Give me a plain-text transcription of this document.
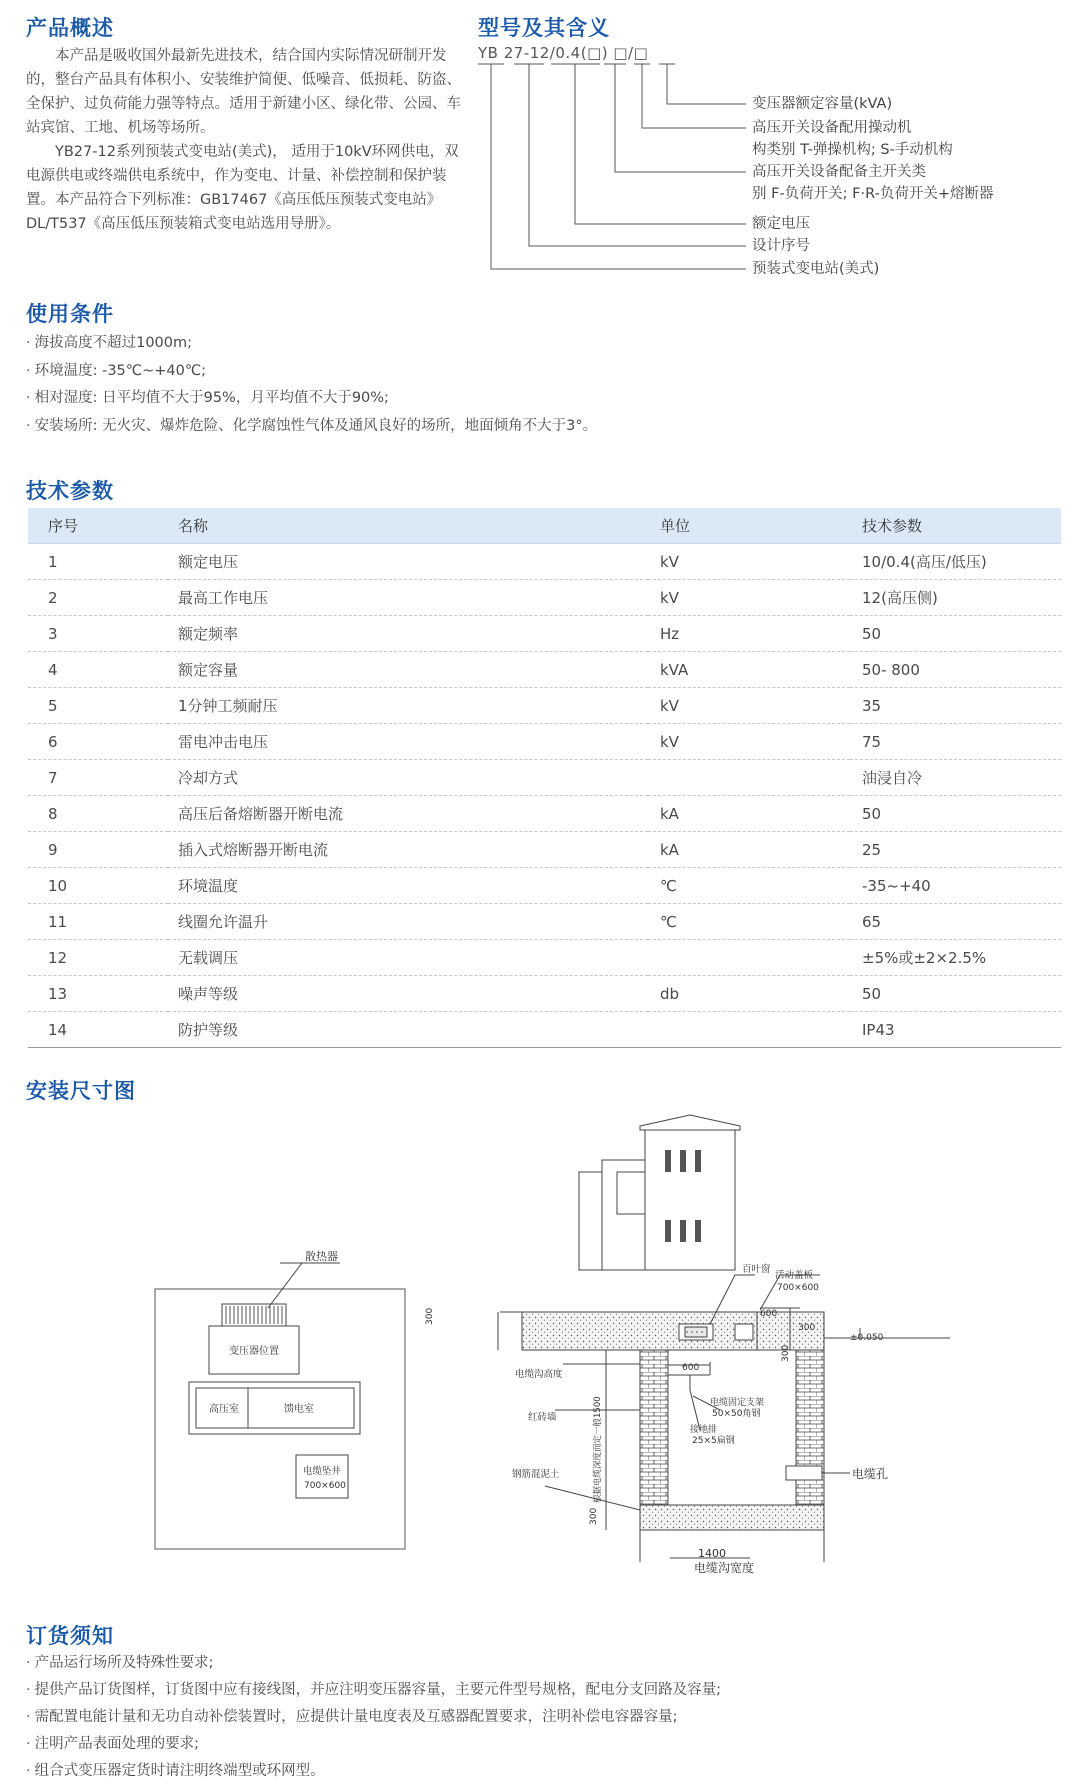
产品概述

本产品是吸收国外最新先进技术，结合国内实际情况研制开发的，整台产品具有体积小、安装维护简便、低噪音、低损耗、防盗、全保护、过负荷能力强等特点。适用于新建小区、绿化带、公园、车站宾馆、工地、机场等场所。

YB27-12系列预装式变电站(美式)， 适用于10kV环网供电，双电源供电或终端供电系统中，作为变电、计量、补偿控制和保护装置。本产品符合下列标准：GB17467《高压低压预装式变电站》DL/T537《高压低压预装箱式变电站选用导册》。

型号及其含义
YB 27-12/0.4(□) □/□
变压器额定容量(kVA)
高压开关设备配用操动机
构类别 T-弹操机构; S-手动机构
高压开关设备配备主开关类
别 F-负荷开关; F·R-负荷开关+熔断器
额定电压
设计序号
预装式变电站(美式)
使用条件
· 海拔高度不超过1000m;
· 环境温度: -35℃~+40℃;
· 相对湿度: 日平均值不大于95%，月平均值不大于90%;
· 安装场所: 无火灾、爆炸危险、化学腐蚀性气体及通风良好的场所，地面倾角不大于3°。
技术参数
序号	名称	单位	技术参数
1	额定电压	kV	10/0.4(高压/低压)
2	最高工作电压	kV	12(高压侧)
3	额定频率	Hz	50
4	额定容量	kVA	50- 800
5	1分钟工频耐压	kV	35
6	雷电冲击电压	kV	75
7	冷却方式		油浸自冷
8	高压后备熔断器开断电流	kA	50
9	插入式熔断器开断电流	kA	25
10	环境温度	℃	-35~+40
11	线圈允许温升	℃	65
12	无载调压		±5%或±2×2.5%
13	噪声等级	db	50
14	防护等级		IP43
安装尺寸图
散热器
变压器位置
高压室	馈电室
电缆坠井
700×600
300
活动盖板
700×600
百叶窗
600
300
±0.050
300
电缆沟高度
根据电缆深度而定一般1500
600
电缆固定支架
50×50角钢
接地排
25×5扁钢
红砖墙
钢筋混泥土
300
电缆孔
1400
电缆沟宽度
订货须知
· 产品运行场所及特殊性要求;
· 提供产品订货图样，订货图中应有接线图，并应注明变压器容量，主要元件型号规格，配电分支回路及容量;
· 需配置电能计量和无功自动补偿装置时，应提供计量电度表及互感器配置要求，注明补偿电容器容量;
· 注明产品表面处理的要求;
· 组合式变压器定货时请注明终端型或环网型。
